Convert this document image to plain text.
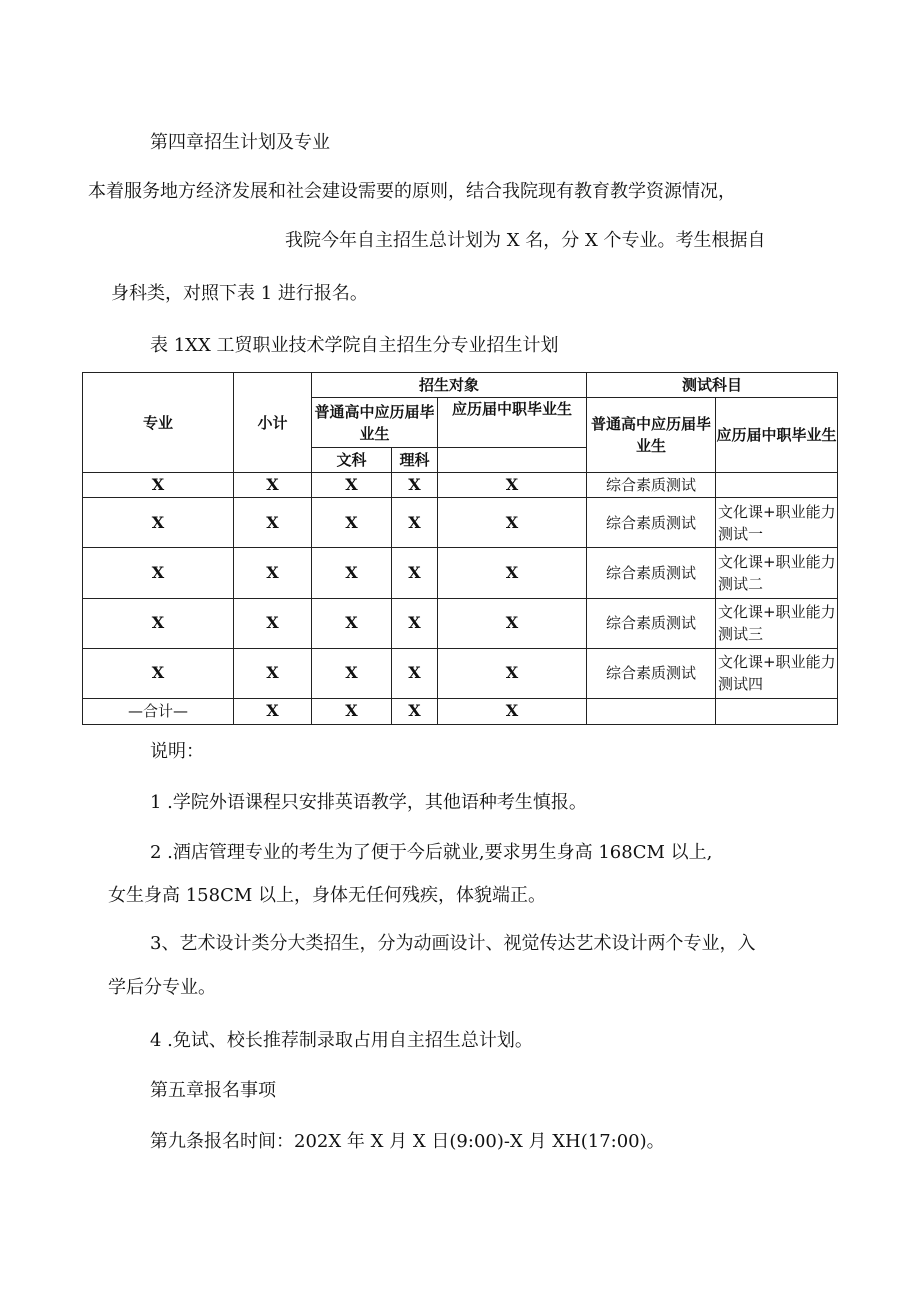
第四章招生计划及专业
本着服务地方经济发展和社会建设需要的原则，结合我院现有教育教学资源情况，
我院今年自主招生总计划为 X 名，分 X 个专业。考生根据自
身科类，对照下表 1 进行报名。
表 1XX 工贸职业技术学院自主招生分专业招生计划
专业	小计	招生对象			测试科目	
		普通高中应历届毕业生		应历届中职毕业生	普通高中应历届毕业生	应历届中职毕业生
		文科	理科			
X	X	X	X	X	综合素质测试	
X	X	X	X	X	综合素质测试	文化课+职业能力测试一
X	X	X	X	X	综合素质测试	文化课+职业能力测试二
X	X	X	X	X	综合素质测试	文化课+职业能力测试三
X	X	X	X	X	综合素质测试	文化课+职业能力测试四
—合计—	X	X	X	X		
说明：
1 .学院外语课程只安排英语教学，其他语种考生慎报。
2 .酒店管理专业的考生为了便于今后就业,要求男生身高 168CM 以上,
女生身高 158CM 以上，身体无任何残疾，体貌端正。
3、艺术设计类分大类招生，分为动画设计、视觉传达艺术设计两个专业，入
学后分专业。
4 .免试、校长推荐制录取占用自主招生总计划。
第五章报名事项
第九条报名时间：202X 年 X 月 X 日(9:00)-X 月 XH(17:00)。
